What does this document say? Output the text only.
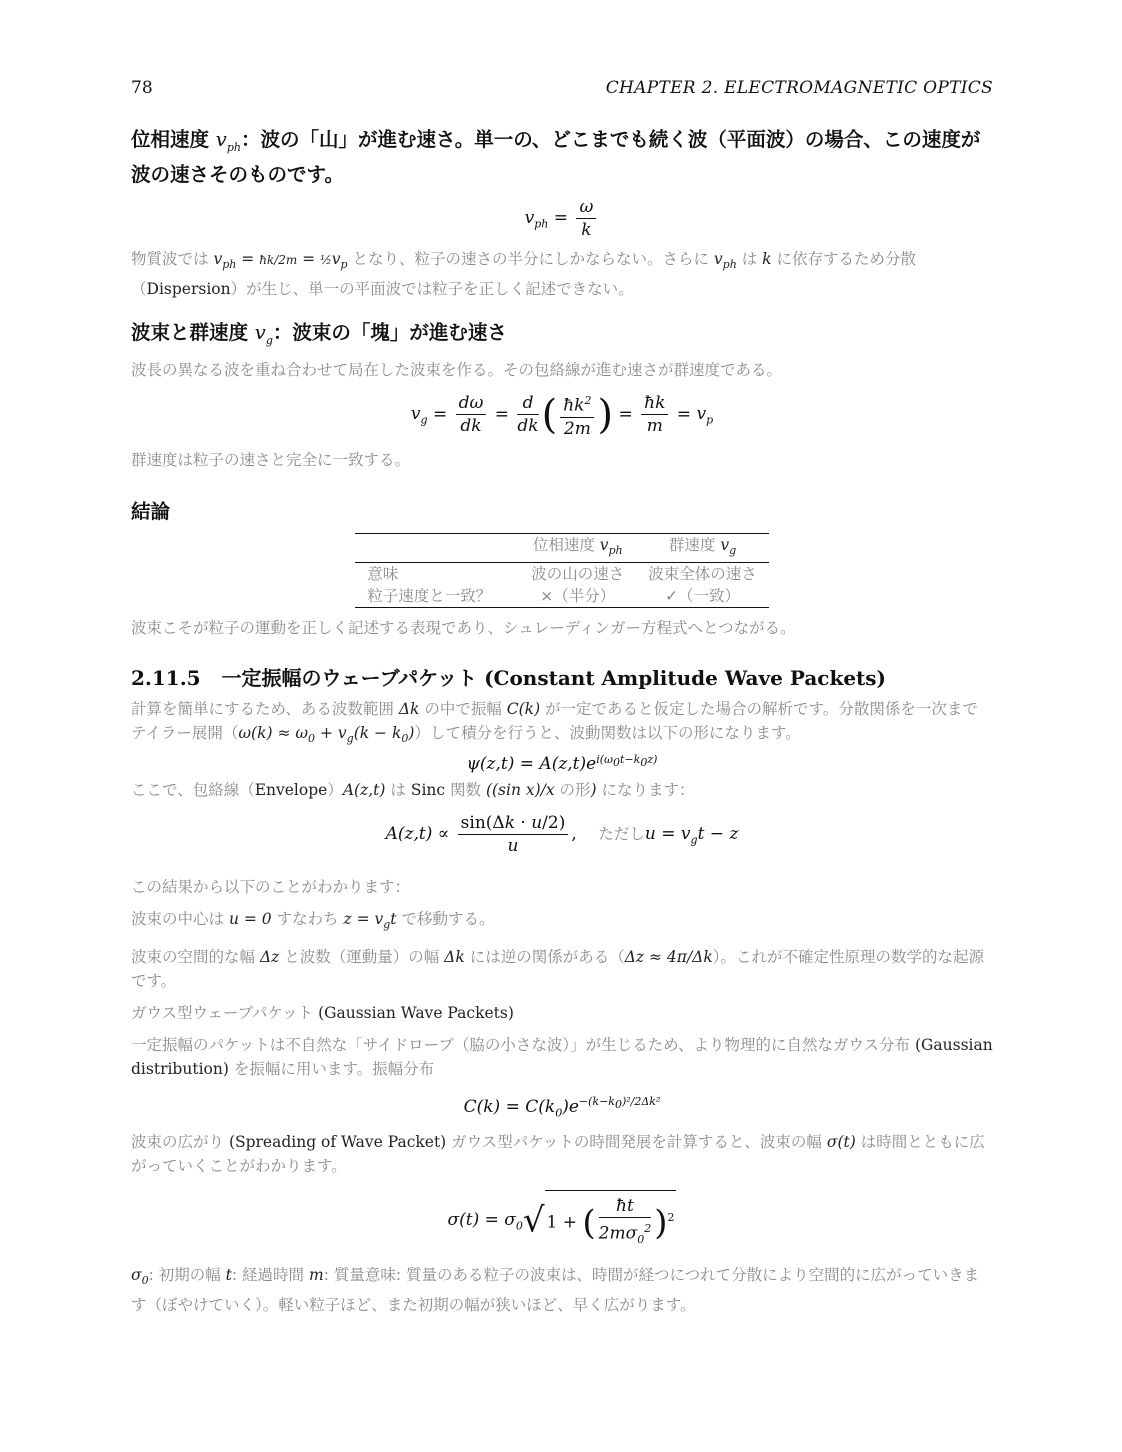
78	CHAPTER 2. ELECTROMAGNETIC OPTICS
位相速度 $v_{ph}$：波の「山」が進む速さ。単一の、どこまでも続く波（平面波）の場合、この速度が波の速さそのものです。
$v_{ph} = \frac{\omega}{k}$
物質波では $v_{ph}$ = ħk/2m = $\frac{1}{2}v_p$ となり、粒子の速さの半分にしかならない。さらに $v_{ph}$ は k に依存するため分散（Dispersion）が生じ、単一の平面波では粒子を正しく記述できない。
波束と群速度 $v_g$：波束の「塊」が進む速さ
波長の異なる波を重ね合わせて局在した波束を作る。その包絡線が進む速さが群速度である。
$v_g = \frac{d\omega}{dk} = \frac{d}{dk}$ ( $\frac{ħk^2}{2m}$ ) = $\frac{ħk}{m} = v_p$
群速度は粒子の速さと完全に一致する。
結論
	位相速度 $v_{ph}$	群速度 $v_g$
意味	波の山の速さ	波束全体の速さ
粒子速度と一致？	×（半分）	✓（一致）
波束こそが粒子の運動を正しく記述する表現であり、シュレーディンガー方程式へとつながる。
2.11.5 一定振幅のウェーブパケット (Constant Amplitude Wave Packets)
計算を簡単にするため、ある波数範囲 Δk の中で振幅 C(k) が一定であると仮定した場合の解析です。分散関係を一次までテイラー展開$(\omega(k) \approx \omega_0 + v_g(k - k_0))$して積分を行うと、波動関数は以下の形になります。
$\psi(z,t) = A(z,t)e^{i(\omega_0t-k_0z)}$
ここで、包絡線（Envelope）A(z,t) は Sinc 関数 ((sin x)/x の形) になります：
$A(z,t) \propto \frac{\sin(\Delta k \cdot u/2)}{u}$ ,    ただし$u = v_gt - z$
この結果から以下のことがわかります：
波束の中心は u = 0 すなわち $z = v_gt$ で移動する。
波束の空間的な幅 Δz と波数（運動量）の幅 Δk には逆の関係がある（Δz ≈ 4π/Δk）。これが不確定性原理の数学的な起源です。
ガウス型ウェーブパケット (Gaussian Wave Packets)
一定振幅のパケットは不自然な「サイドローブ（脇の小さな波）」が生じるため、より物理的に自然なガウス分布 (Gaussian distribution) を振幅に用います。振幅分布
$C(k) = C(k_0)e^{-(k-k_0)^2/2\Delta k^2}$
波束の広がり (Spreading of Wave Packet) ガウス型パケットの時間発展を計算すると、波束の幅 σ(t) は時間とともに広がっていくことがわかります。
$\sigma(t) = \sigma_0√$ 1 + ( $\frac{ħt}{2m\sigma_0^2} )^2$
$\sigma_0$: 初期の幅 t: 経過時間 m: 質量意味: 質量のある粒子の波束は、時間が経つにつれて分散により空間的に広がっていきます（ぼやけていく）。軽い粒子ほど、また初期の幅が狭いほど、早く広がります。
